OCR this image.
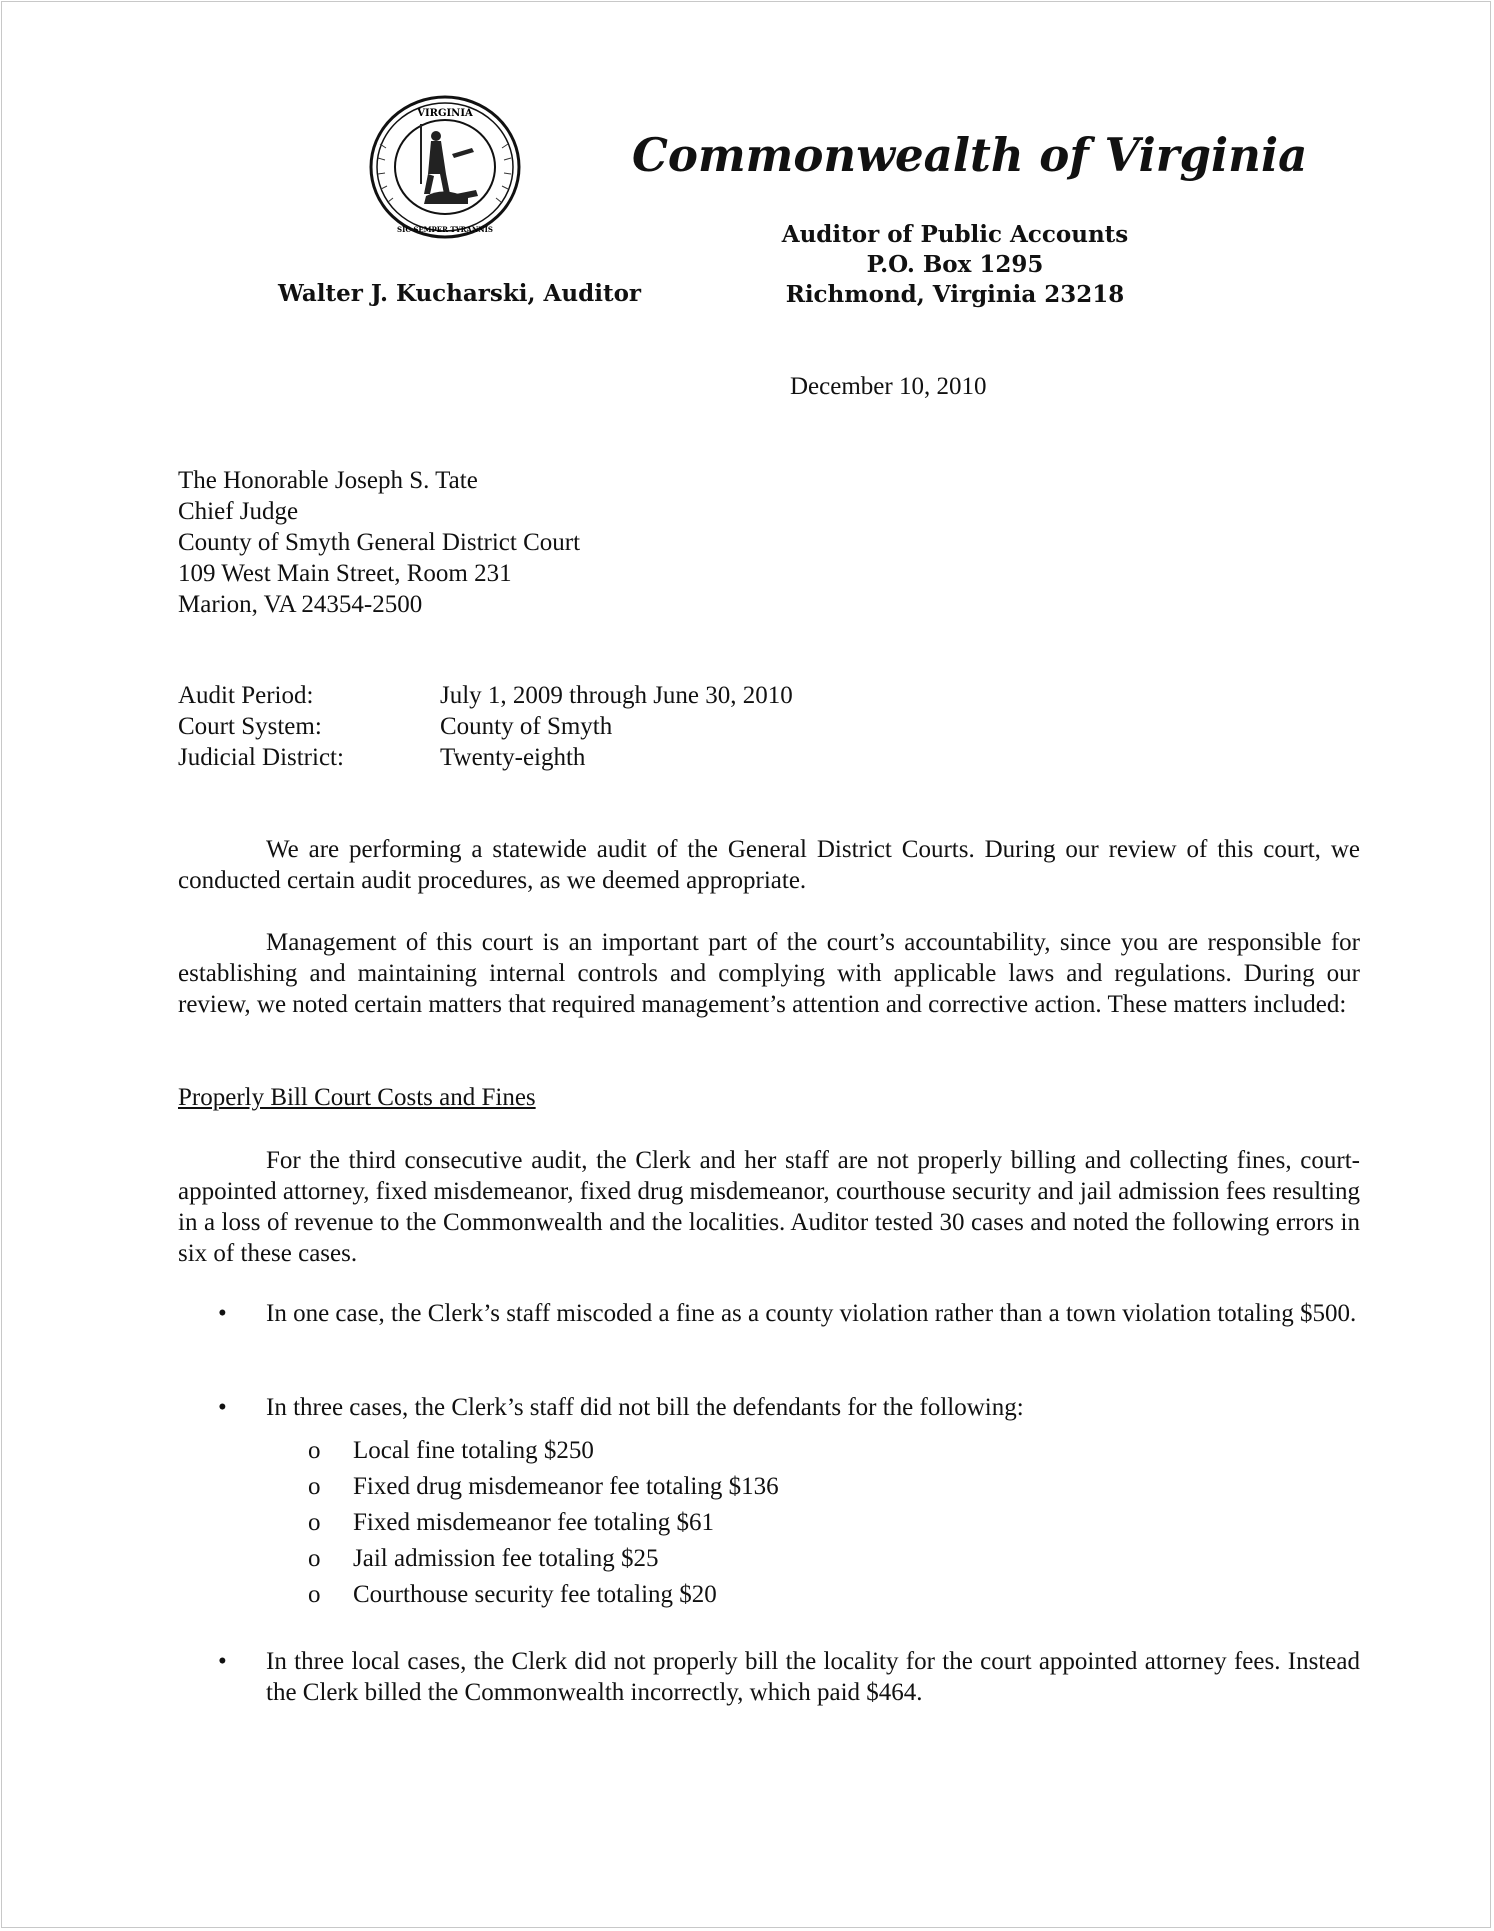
VIRGINIA
SIC SEMPER TYRANNIS
Commonwealth of Virginia
Auditor of Public Accounts
P.O. Box 1295
Richmond, Virginia 23218
Walter J. Kucharski, Auditor
December 10, 2010
The Honorable Joseph S. Tate
Chief Judge
County of Smyth General District Court
109 West Main Street, Room 231
Marion, VA 24354-2500
Audit Period:	July 1, 2009 through June 30, 2010
Court System:	County of Smyth
Judicial District:	Twenty-eighth
We are performing a statewide audit of the General District Courts. During our review of this court, we conducted certain audit procedures, as we deemed appropriate.
Management of this court is an important part of the court’s accountability, since you are responsible for establishing and maintaining internal controls and complying with applicable laws and regulations. During our review, we noted certain matters that required management’s attention and corrective action. These matters included:
Properly Bill Court Costs and Fines
For the third consecutive audit, the Clerk and her staff are not properly billing and collecting fines, court-appointed attorney, fixed misdemeanor, fixed drug misdemeanor, courthouse security and jail admission fees resulting in a loss of revenue to the Commonwealth and the localities. Auditor tested 30 cases and noted the following errors in six of these cases.
• In one case, the Clerk’s staff miscoded a fine as a county violation rather than a town violation totaling $500.
• In three cases, the Clerk’s staff did not bill the defendants for the following:
o	Local fine totaling $250
o	Fixed drug misdemeanor fee totaling $136
o	Fixed misdemeanor fee totaling $61
o	Jail admission fee totaling $25
o	Courthouse security fee totaling $20
• In three local cases, the Clerk did not properly bill the locality for the court appointed attorney fees. Instead the Clerk billed the Commonwealth incorrectly, which paid $464.
